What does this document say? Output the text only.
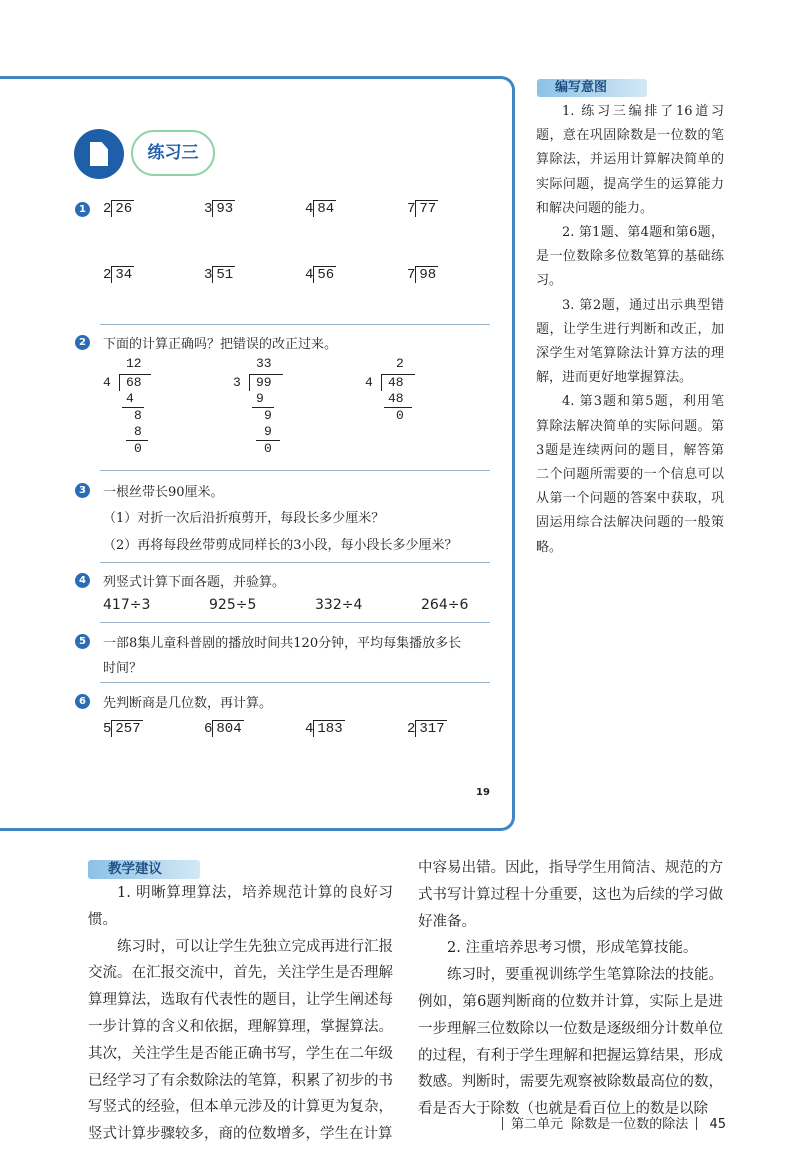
练习三
1 2 26	3 93	4 84	7 77
2 34	3 51	4 56	7 98
2	下面的计算正确吗？把错误的改正过来。
12
4 68
4
8
8
0
33
3 99
9
9
9
0
2
4 48
48
0
3	一根丝带长90厘米。
（1）对折一次后沿折痕剪开，每段长多少厘米？
（2）再将每段丝带剪成同样长的3小段，每小段长多少厘米？
4	列竖式计算下面各题，并验算。
417÷3	925÷5	332÷4	264÷6
5	一部8集儿童科普剧的播放时间共120分钟，平均每集播放多长
时间？
6	先判断商是几位数，再计算。
5 257	6 804	4 183	2 317
19
编写意图

1. 练习三编排了16道习题，意在巩固除数是一位数的笔算除法，并运用计算解决简单的实际问题，提高学生的运算能力和解决问题的能力。

2. 第1题、第4题和第6题，是一位数除多位数笔算的基础练习。

3. 第2题，通过出示典型错题，让学生进行判断和改正，加深学生对笔算除法计算方法的理解，进而更好地掌握算法。

4. 第3题和第5题，利用笔算除法解决简单的实际问题。第3题是连续两问的题目，解答第二个问题所需要的一个信息可以从第一个问题的答案中获取，巩固运用综合法解决问题的一般策略。

教学建议

1. 明晰算理算法，培养规范计算的良好习惯。

练习时，可以让学生先独立完成再进行汇报交流。在汇报交流中，首先，关注学生是否理解算理算法，选取有代表性的题目，让学生阐述每一步计算的含义和依据，理解算理，掌握算法。其次，关注学生是否能正确书写，学生在二年级已经学习了有余数除法的笔算，积累了初步的书写竖式的经验，但本单元涉及的计算更为复杂，竖式计算步骤较多，商的位数增多，学生在计算

中容易出错。因此，指导学生用简洁、规范的方式书写计算过程十分重要，这也为后续的学习做好准备。

2. 注重培养思考习惯，形成笔算技能。

练习时，要重视训练学生笔算除法的技能。例如，第6题判断商的位数并计算，实际上是进一步理解三位数除以一位数是逐级细分计数单位的过程，有利于学生理解和把握运算结果，形成数感。判断时，需要先观察被除数最高位的数，看是否大于除数（也就是看百位上的数是以除

第二单元 除数是一位数的除法 45
